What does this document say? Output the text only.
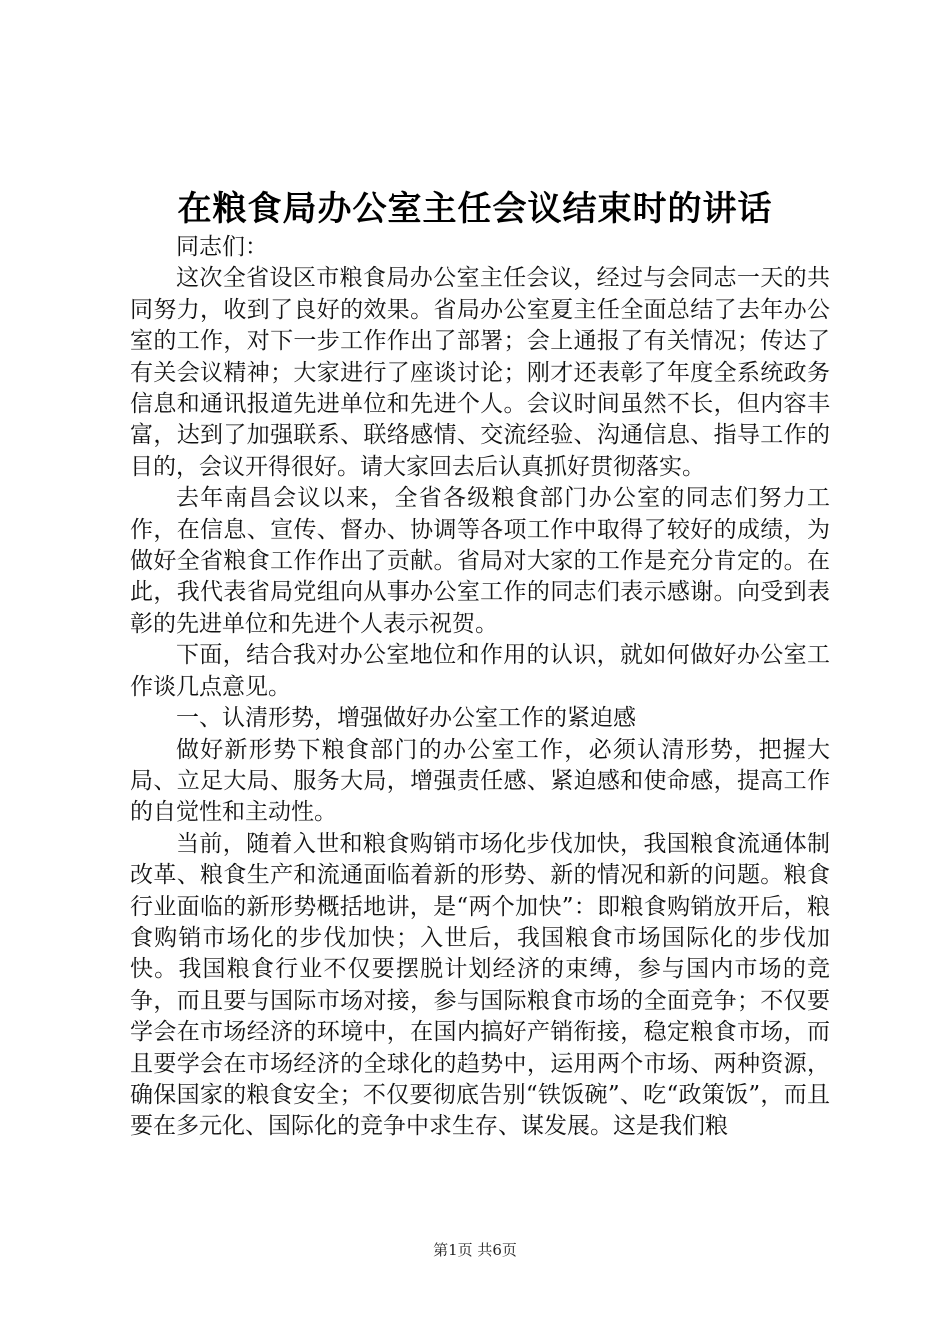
在粮食局办公室主任会议结束时的讲话

同志们：

这次全省设区市粮食局办公室主任会议，经过与会同志一天的共同努力，收到了良好的效果。省局办公室夏主任全面总结了去年办公室的工作，对下一步工作作出了部署；会上通报了有关情况；传达了有关会议精神；大家进行了座谈讨论；刚才还表彰了年度全系统政务信息和通讯报道先进单位和先进个人。会议时间虽然不长，但内容丰富，达到了加强联系、联络感情、交流经验、沟通信息、指导工作的目的，会议开得很好。请大家回去后认真抓好贯彻落实。

去年南昌会议以来，全省各级粮食部门办公室的同志们努力工作，在信息、宣传、督办、协调等各项工作中取得了较好的成绩，为做好全省粮食工作作出了贡献。省局对大家的工作是充分肯定的。在此，我代表省局党组向从事办公室工作的同志们表示感谢。向受到表彰的先进单位和先进个人表示祝贺。

下面，结合我对办公室地位和作用的认识，就如何做好办公室工作谈几点意见。

一、认清形势，增强做好办公室工作的紧迫感

做好新形势下粮食部门的办公室工作，必须认清形势，把握大局、立足大局、服务大局，增强责任感、紧迫感和使命感，提高工作的自觉性和主动性。

当前，随着入世和粮食购销市场化步伐加快，我国粮食流通体制改革、粮食生产和流通面临着新的形势、新的情况和新的问题。粮食行业面临的新形势概括地讲，是“两个加快”：即粮食购销放开后，粮食购销市场化的步伐加快；入世后，我国粮食市场国际化的步伐加快。我国粮食行业不仅要摆脱计划经济的束缚，参与国内市场的竞争，而且要与国际市场对接，参与国际粮食市场的全面竞争；不仅要学会在市场经济的环境中，在国内搞好产销衔接，稳定粮食市场，而且要学会在市场经济的全球化的趋势中，运用两个市场、两种资源，确保国家的粮食安全；不仅要彻底告别“铁饭碗”、吃“政策饭”，而且要在多元化、国际化的竞争中求生存、谋发展。这是我们粮

第1页 共6页
